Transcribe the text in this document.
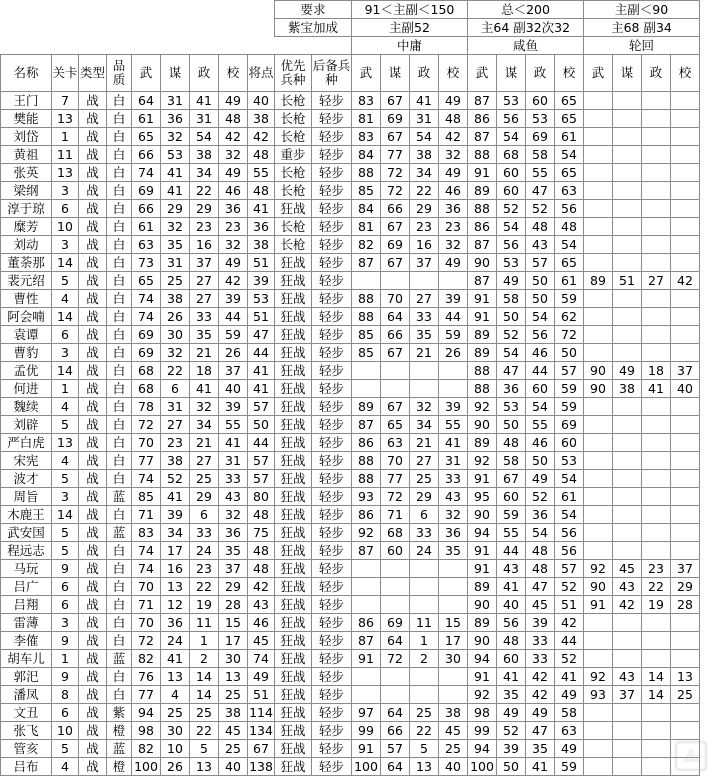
									要求		91＜主副＜150				总＜200				主副＜90			
									紫宝加成		主副52				主64 副32次32				主68 副34			
											中庸				咸鱼				轮回			
名称	关卡	类型	品质	武	谋	政	校	将点	优先兵种	后备兵种	武	谋	政	校	武	谋	政	校	武	谋	政	校
王门	7	战	白	64	31	41	49	40	长枪	轻步	83	67	41	49	87	53	60	65				
樊能	13	战	白	61	36	31	48	38	长枪	轻步	81	69	31	48	86	56	53	65				
刘岱	1	战	白	65	32	54	42	42	长枪	轻步	83	67	54	42	87	54	69	61				
黄祖	11	战	白	66	53	38	32	48	重步	轻步	84	77	38	32	88	68	58	54				
张英	13	战	白	74	41	34	49	55	长枪	轻步	88	72	34	49	91	60	55	65				
梁纲	3	战	白	69	41	22	46	48	长枪	轻步	85	72	22	46	89	60	47	63				
淳于琼	6	战	白	66	29	29	36	41	狂战	轻步	84	66	29	36	88	52	52	56				
糜芳	10	战	白	61	32	23	23	36	长枪	轻步	81	67	23	23	86	54	48	48				
刘动	3	战	白	63	35	16	32	38	长枪	轻步	82	69	16	32	87	56	43	54				
董荼那	14	战	白	73	31	37	49	51	狂战	轻步	87	67	37	49	90	53	57	65				
裴元绍	5	战	白	65	25	27	42	39	狂战	轻步					87	49	50	61	89	51	27	42
曹性	4	战	白	74	38	27	39	53	狂战	轻步	88	70	27	39	91	58	50	59				
阿会喃	14	战	白	74	26	33	44	51	狂战	轻步	88	64	33	44	91	50	54	62				
袁谭	6	战	白	69	30	35	59	47	狂战	轻步	85	66	35	59	89	52	56	72				
曹豹	3	战	白	69	32	21	26	44	狂战	轻步	85	67	21	26	89	54	46	50				
孟优	14	战	白	68	22	18	37	41	狂战	轻步					88	47	44	57	90	49	18	37
何进	1	战	白	68	6	41	40	41	狂战	轻步					88	36	60	59	90	38	41	40
魏续	4	战	白	78	31	32	39	57	狂战	轻步	89	67	32	39	92	53	54	59				
刘辟	5	战	白	72	27	34	55	50	狂战	轻步	87	65	34	55	90	50	55	69				
严白虎	13	战	白	70	23	21	41	44	狂战	轻步	86	63	21	41	89	48	46	60				
宋宪	4	战	白	77	38	27	31	57	狂战	轻步	88	70	27	31	92	58	50	53				
波才	5	战	白	74	52	25	33	57	狂战	轻步	88	77	25	33	91	67	49	54				
周旨	3	战	蓝	85	41	29	43	80	狂战	轻步	93	72	29	43	95	60	52	61				
木鹿王	14	战	白	71	39	6	32	48	狂战	轻步	86	71	6	32	90	59	36	54				
武安国	5	战	蓝	83	34	33	36	75	狂战	轻步	92	68	33	36	94	55	54	56				
程远志	5	战	白	74	17	24	35	48	狂战	轻步	87	60	24	35	91	44	48	56				
马玩	9	战	白	74	16	23	37	48	狂战	轻步					91	43	48	57	92	45	23	37
吕广	6	战	白	70	13	22	29	42	狂战	轻步					89	41	47	52	90	43	22	29
吕翔	6	战	白	71	12	19	28	43	狂战	轻步					90	40	45	51	91	42	19	28
雷薄	3	战	白	70	36	11	15	46	狂战	轻步	86	69	11	15	89	56	39	42				
李傕	9	战	白	72	24	1	17	45	狂战	轻步	87	64	1	17	90	48	33	44				
胡车儿	1	战	蓝	82	41	2	30	74	狂战	轻步	91	72	2	30	94	60	33	52				
郭汜	9	战	白	76	13	14	13	49	狂战	轻步					91	41	42	41	92	43	14	13
潘凤	8	战	白	77	4	14	25	51	狂战	轻步					92	35	42	49	93	37	14	25
文丑	6	战	紫	94	25	25	38	114	狂战	轻步	97	64	25	38	98	49	49	58				
张飞	10	战	橙	98	30	22	45	134	狂战	轻步	99	66	22	45	99	52	47	63				
管亥	5	战	蓝	82	10	5	25	67	狂战	轻步	91	57	5	25	94	39	35	49				
吕布	4	战	橙	100	26	13	40	138	狂战	轻步	100	64	13	40	100	50	41	59				
